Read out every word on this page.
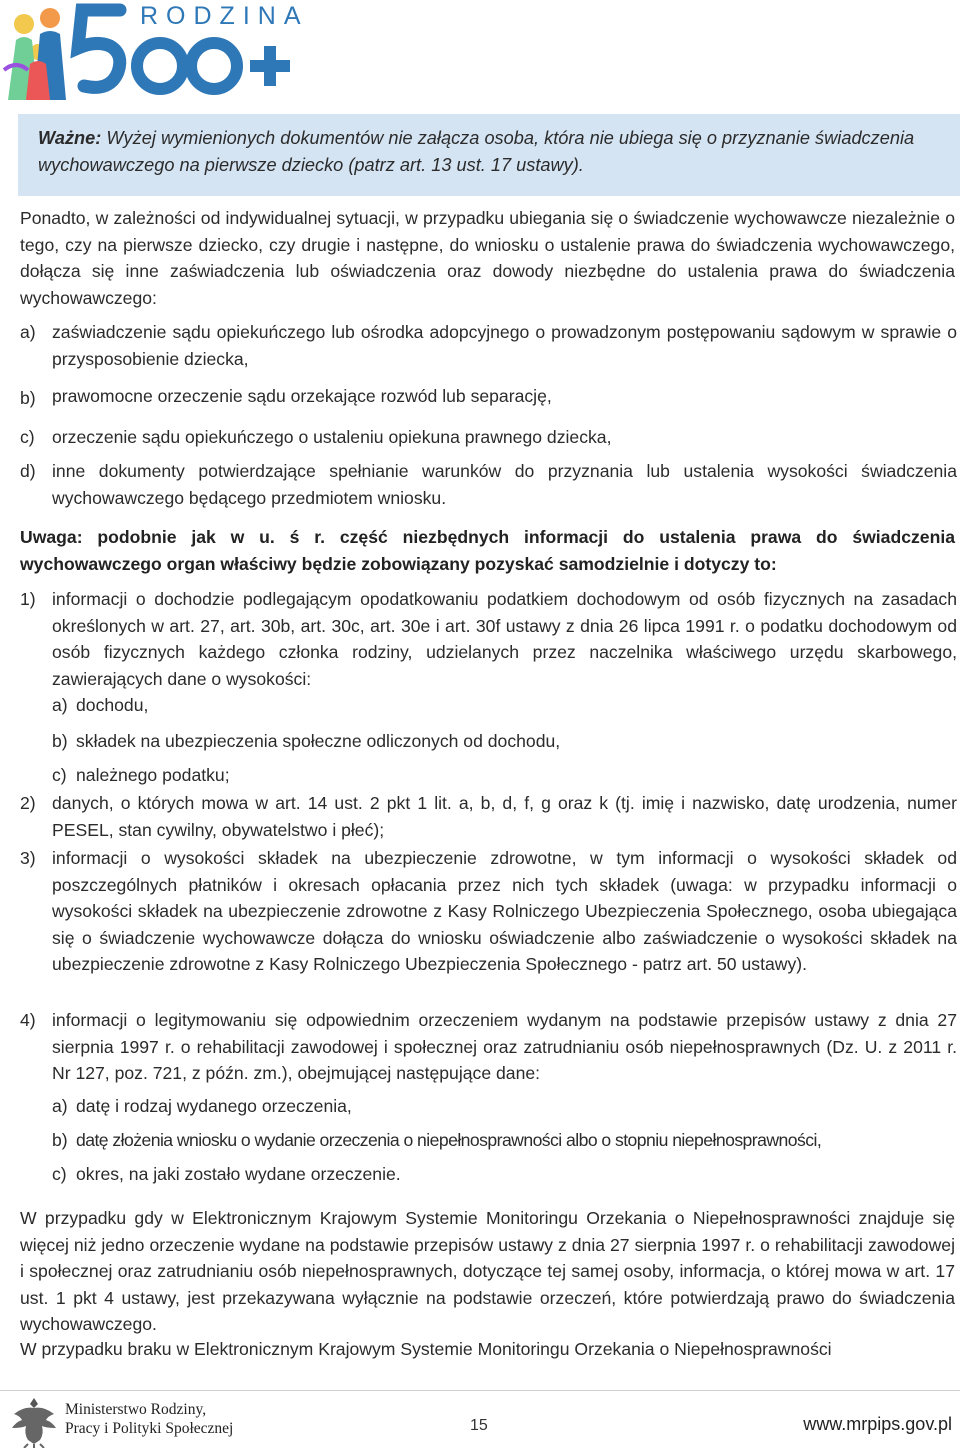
RODZINA

Ważne: Wyżej wymienionych dokumentów nie załącza osoba, która nie ubiega się o przyznanie świadczenia wychowawczego na pierwsze dziecko (patrz art. 13 ust. 17 ustawy).

Ponadto, w zależności od indywidualnej sytuacji, w przypadku ubiegania się o świadczenie wychowawcze niezależnie o tego, czy na pierwsze dziecko, czy drugie i następne, do wniosku o ustalenie prawa do świadczenia wychowawczego, dołącza się inne zaświadczenia lub oświadczenia oraz dowody niezbędne do ustalenia prawa do świadczenia wychowawczego:
a) zaświadczenie sądu opiekuńczego lub ośrodka adopcyjnego o prowadzonym postępowaniu sądowym w sprawie o przysposobienie dziecka,
b) prawomocne orzeczenie sądu orzekające rozwód lub separację,
c) orzeczenie sądu opiekuńczego o ustaleniu opiekuna prawnego dziecka,
d) inne dokumenty potwierdzające spełnianie warunków do przyznania lub ustalenia wysokości świadczenia wychowawczego będącego przedmiotem wniosku.
Uwaga: podobnie jak w u. ś r. część niezbędnych informacji do ustalenia prawa do świadczenia wychowawczego organ właściwy będzie zobowiązany pozyskać samodzielnie i dotyczy to:
1) informacji o dochodzie podlegającym opodatkowaniu podatkiem dochodowym od osób fizycznych na zasadach określonych w art. 27, art. 30b, art. 30c, art. 30e i art. 30f ustawy z dnia 26 lipca 1991 r. o podatku dochodowym od osób fizycznych każdego członka rodziny, udzielanych przez naczelnika właściwego urzędu skarbowego, zawierających dane o wysokości:
a) dochodu,
b) składek na ubezpieczenia społeczne odliczonych od dochodu,
c) należnego podatku;
2) danych, o których mowa w art. 14 ust. 2 pkt 1 lit. a, b, d, f, g oraz k (tj. imię i nazwisko, datę urodzenia, numer PESEL, stan cywilny, obywatelstwo i płeć);
3) informacji o wysokości składek na ubezpieczenie zdrowotne, w tym informacji o wysokości składek od poszczególnych płatników i okresach opłacania przez nich tych składek (uwaga: w przypadku informacji o wysokości składek na ubezpieczenie zdrowotne z Kasy Rolniczego Ubezpieczenia Społecznego, osoba ubiegająca się o świadczenie wychowawcze dołącza do wniosku oświadczenie albo zaświadczenie o wysokości składek na ubezpieczenie zdrowotne z Kasy Rolniczego Ubezpieczenia Społecznego - patrz art. 50 ustawy).
4) informacji o legitymowaniu się odpowiednim orzeczeniem wydanym na podstawie przepisów ustawy z dnia 27 sierpnia 1997 r. o rehabilitacji zawodowej i społecznej oraz zatrudnianiu osób niepełnosprawnych (Dz. U. z 2011 r. Nr 127, poz. 721, z późn. zm.), obejmującej następujące dane:
a) datę i rodzaj wydanego orzeczenia,
b) datę złożenia wniosku o wydanie orzeczenia o niepełnosprawności albo o stopniu niepełnosprawności,
c) okres, na jaki zostało wydane orzeczenie.
W przypadku gdy w Elektronicznym Krajowym Systemie Monitoringu Orzekania o Niepełnosprawności znajduje się więcej niż jedno orzeczenie wydane na podstawie przepisów ustawy z dnia 27 sierpnia 1997 r. o rehabilitacji zawodowej i społecznej oraz zatrudnianiu osób niepełnosprawnych, dotyczące tej samej osoby, informacja, o której mowa w art. 17 ust. 1 pkt 4 ustawy, jest przekazywana wyłącznie na podstawie orzeczeń, które potwierdzają prawo do świadczenia wychowawczego.
W przypadku braku w Elektronicznym Krajowym Systemie Monitoringu Orzekania o Niepełnosprawności
Ministerstwo Rodziny,
Pracy i Polityki Społecznej	15	www.mrpips.gov.pl
